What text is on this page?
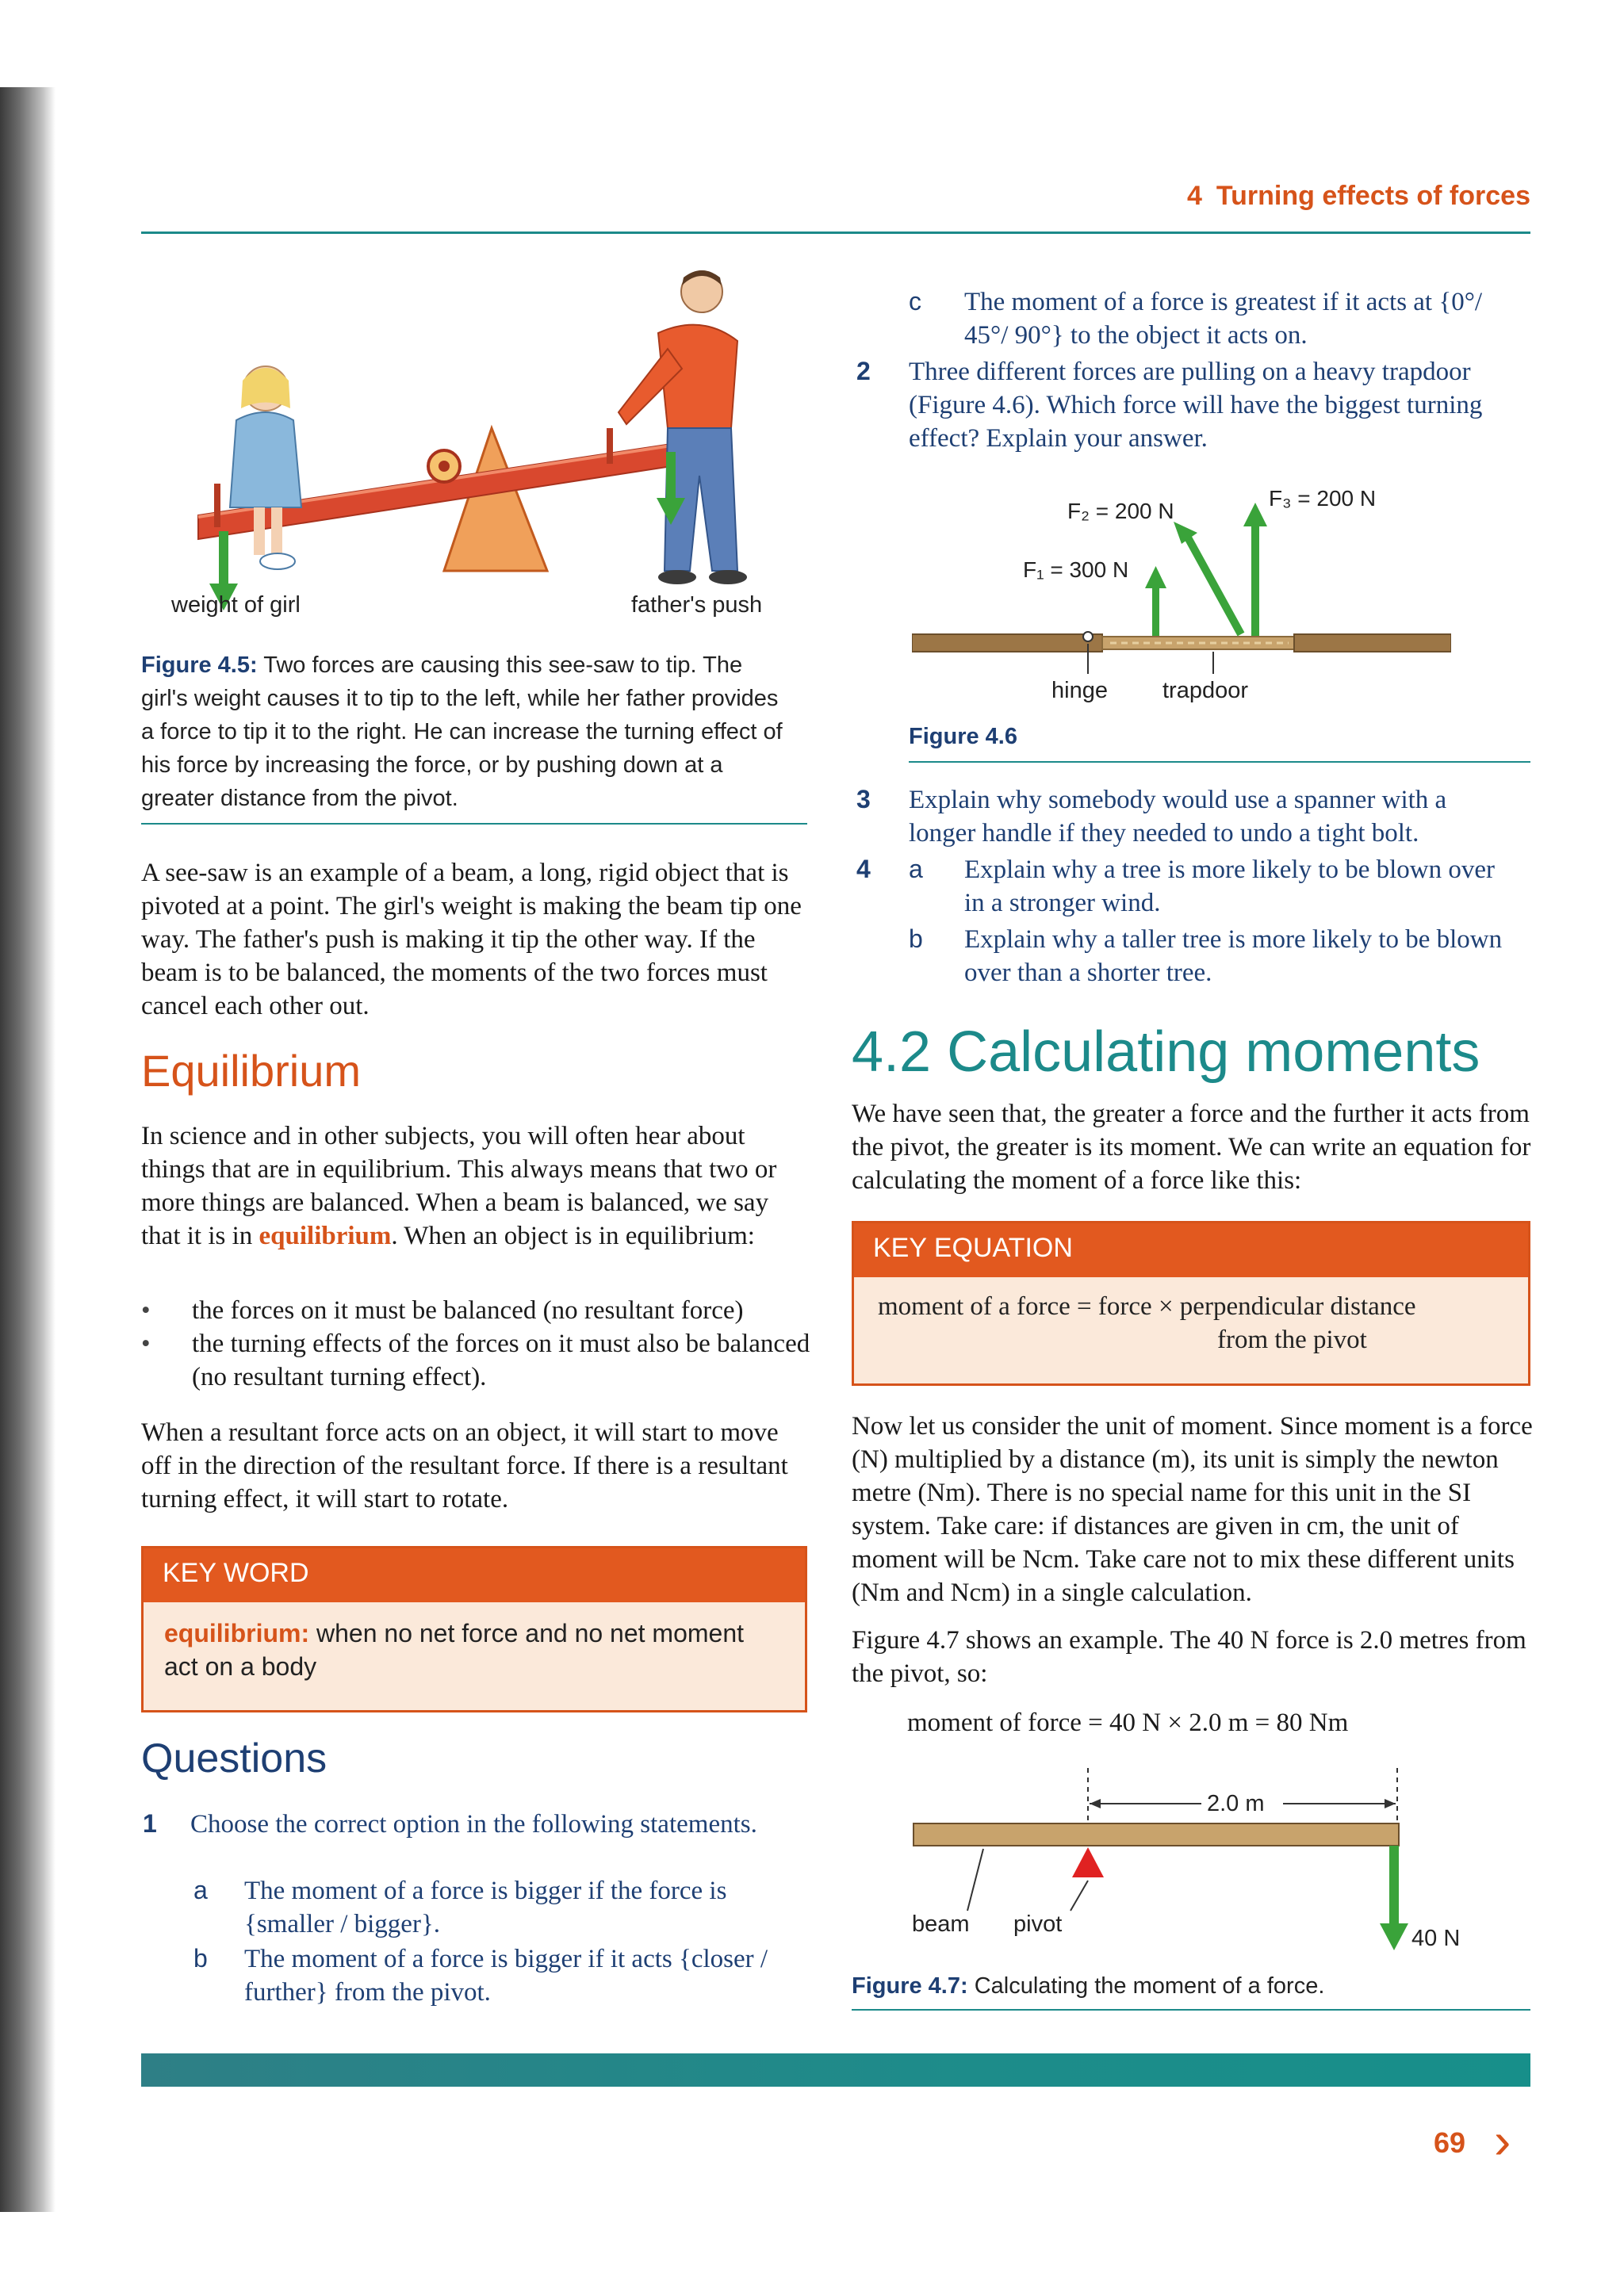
4 Turning effects of forces
weight of girl	father's push
Figure 4.5: Two forces are causing this see-saw to tip. The girl's weight causes it to tip to the left, while her father provides a force to tip it to the right. He can increase the turning effect of his force by increasing the force, or by pushing down at a greater distance from the pivot.
A see-saw is an example of a beam, a long, rigid object that is pivoted at a point. The girl's weight is making the beam tip one way. The father's push is making it tip the other way. If the beam is to be balanced, the moments of the two forces must cancel each other out.
Equilibrium
In science and in other subjects, you will often hear about things that are in equilibrium. This always means that two or more things are balanced. When a beam is balanced, we say that it is in equilibrium. When an object is in equilibrium:
• the forces on it must be balanced (no resultant force)
• the turning effects of the forces on it must also be balanced (no resultant turning effect).
When a resultant force acts on an object, it will start to move off in the direction of the resultant force. If there is a resultant turning effect, it will start to rotate.
KEY WORD
equilibrium: when no net force and no net moment act on a body
Questions
1 Choose the correct option in the following statements.
a The moment of a force is bigger if the force is {smaller / bigger}.
b The moment of a force is bigger if it acts {closer / further} from the pivot.
c The moment of a force is greatest if it acts at {0°/ 45°/ 90°} to the object it acts on.
2 Three different forces are pulling on a heavy trapdoor (Figure 4.6). Which force will have the biggest turning effect? Explain your answer.
F₂ = 200 N
F₃ = 200 N
F₁ = 300 N
hinge trapdoor
Figure 4.6
3 Explain why somebody would use a spanner with a longer handle if they needed to undo a tight bolt.
4 a Explain why a tree is more likely to be blown over in a stronger wind.
b Explain why a taller tree is more likely to be blown over than a shorter tree.
4.2 Calculating moments
We have seen that, the greater a force and the further it acts from the pivot, the greater is its moment. We can write an equation for calculating the moment of a force like this:
KEY EQUATION
moment of a force = force × perpendicular distance
from the pivot
Now let us consider the unit of moment. Since moment is a force (N) multiplied by a distance (m), its unit is simply the newton metre (Nm). There is no special name for this unit in the SI system. Take care: if distances are given in cm, the unit of moment will be Ncm. Take care not to mix these different units (Nm and Ncm) in a single calculation.
Figure 4.7 shows an example. The 40 N force is 2.0 metres from the pivot, so:
moment of force = 40 N × 2.0 m = 80 Nm
2.0 m
beam pivot
40 N
Figure 4.7: Calculating the moment of a force.
69 ›
